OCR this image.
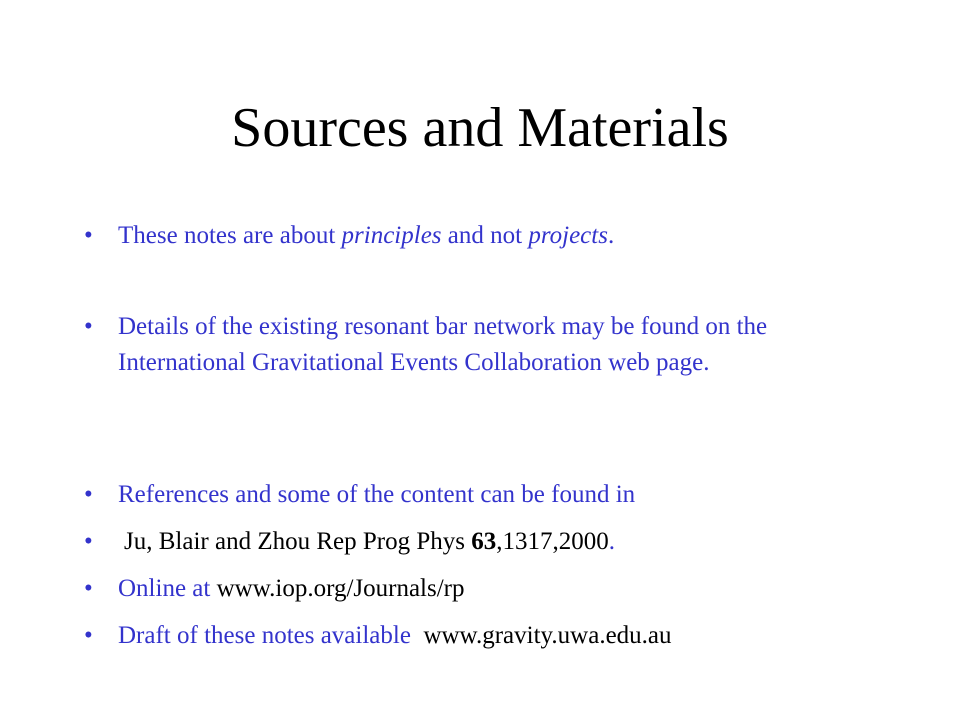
Sources and Materials
• These notes are about principles and not projects.
• Details of the existing resonant bar network may be found on the International Gravitational Events Collaboration web page.
• References and some of the content can be found in
• Ju, Blair and Zhou Rep Prog Phys 63,1317,2000.
• Online at www.iop.org/Journals/rp
• Draft of these notes available  www.gravity.uwa.edu.au
